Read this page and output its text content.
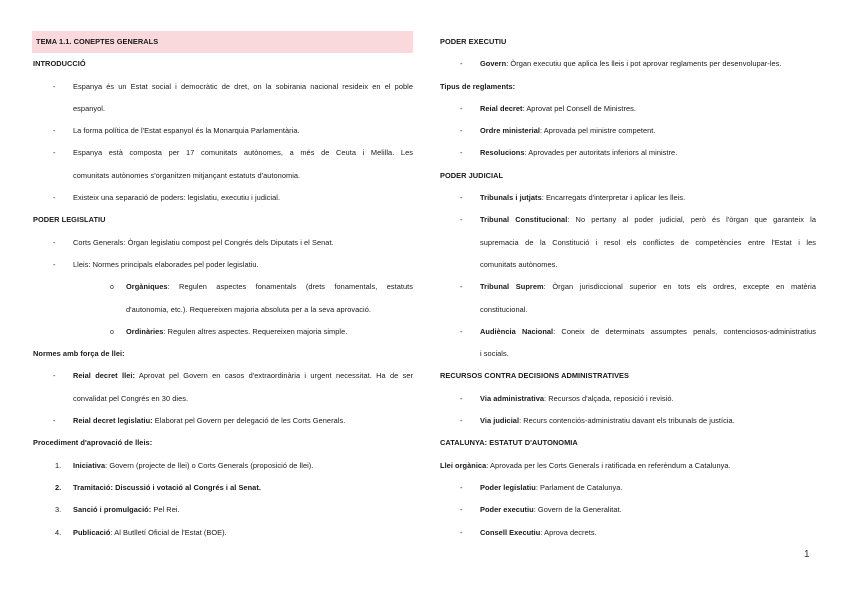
TEMA 1.1. CONEPTES GENERALS
INTRODUCCIÓ
- Espanya és un Estat social i democràtic de dret, on la sobirania nacional resideix en el poble
espanyol.
- La forma política de l'Estat espanyol és la Monarquia Parlamentària.
- Espanya està composta per 17 comunitats autònomes, a més de Ceuta i Melilla. Les
comunitats autònomes s'organitzen mitjançant estatuts d'autonomia.
- Existeix una separació de poders: legislatiu, executiu i judicial.
PODER LEGISLATIU
- Corts Generals: Òrgan legislatiu compost pel Congrés dels Diputats i el Senat.
- Lleis: Normes principals elaborades pel poder legislatiu.
o Orgàniques: Regulen aspectes fonamentals (drets fonamentals, estatuts
d'autonomia, etc.). Requereixen majoria absoluta per a la seva aprovació.
o Ordinàries: Regulen altres aspectes. Requereixen majoria simple.
Normes amb força de llei:
- Reial decret llei: Aprovat pel Govern en casos d'extraordinària i urgent necessitat. Ha de ser
convalidat pel Congrés en 30 dies.
- Reial decret legislatiu: Elaborat pel Govern per delegació de les Corts Generals.
Procediment d'aprovació de lleis:
1. Iniciativa: Govern (projecte de llei) o Corts Generals (proposició de llei).
2. Tramitació: Discussió i votació al Congrés i al Senat.
3. Sanció i promulgació: Pel Rei.
4. Publicació: Al Butlletí Oficial de l'Estat (BOE).
PODER EXECUTIU
- Govern: Òrgan executiu que aplica les lleis i pot aprovar reglaments per desenvolupar-les.
Tipus de reglaments:
- Reial decret: Aprovat pel Consell de Ministres.
- Ordre ministerial: Aprovada pel ministre competent.
- Resolucions: Aprovades per autoritats inferiors al ministre.
PODER JUDICIAL
- Tribunals i jutjats: Encarregats d'interpretar i aplicar les lleis.
- Tribunal Constitucional: No pertany al poder judicial, però és l'òrgan que garanteix la
supremacia de la Constitució i resol els conflictes de competències entre l'Estat i les
comunitats autònomes.
- Tribunal Suprem: Òrgan jurisdiccional superior en tots els ordres, excepte en matèria
constitucional.
- Audiència Nacional: Coneix de determinats assumptes penals, contenciosos-administratius
i socials.
RECURSOS CONTRA DECISIONS ADMINISTRATIVES
- Via administrativa: Recursos d'alçada, reposició i revisió.
- Via judicial: Recurs contenciós-administratiu davant els tribunals de justícia.
CATALUNYA: ESTATUT D'AUTONOMIA
Llei orgànica: Aprovada per les Corts Generals i ratificada en referèndum a Catalunya.
- Poder legislatiu: Parlament de Catalunya.
- Poder executiu: Govern de la Generalitat.
- Consell Executiu: Aprova decrets.
1
